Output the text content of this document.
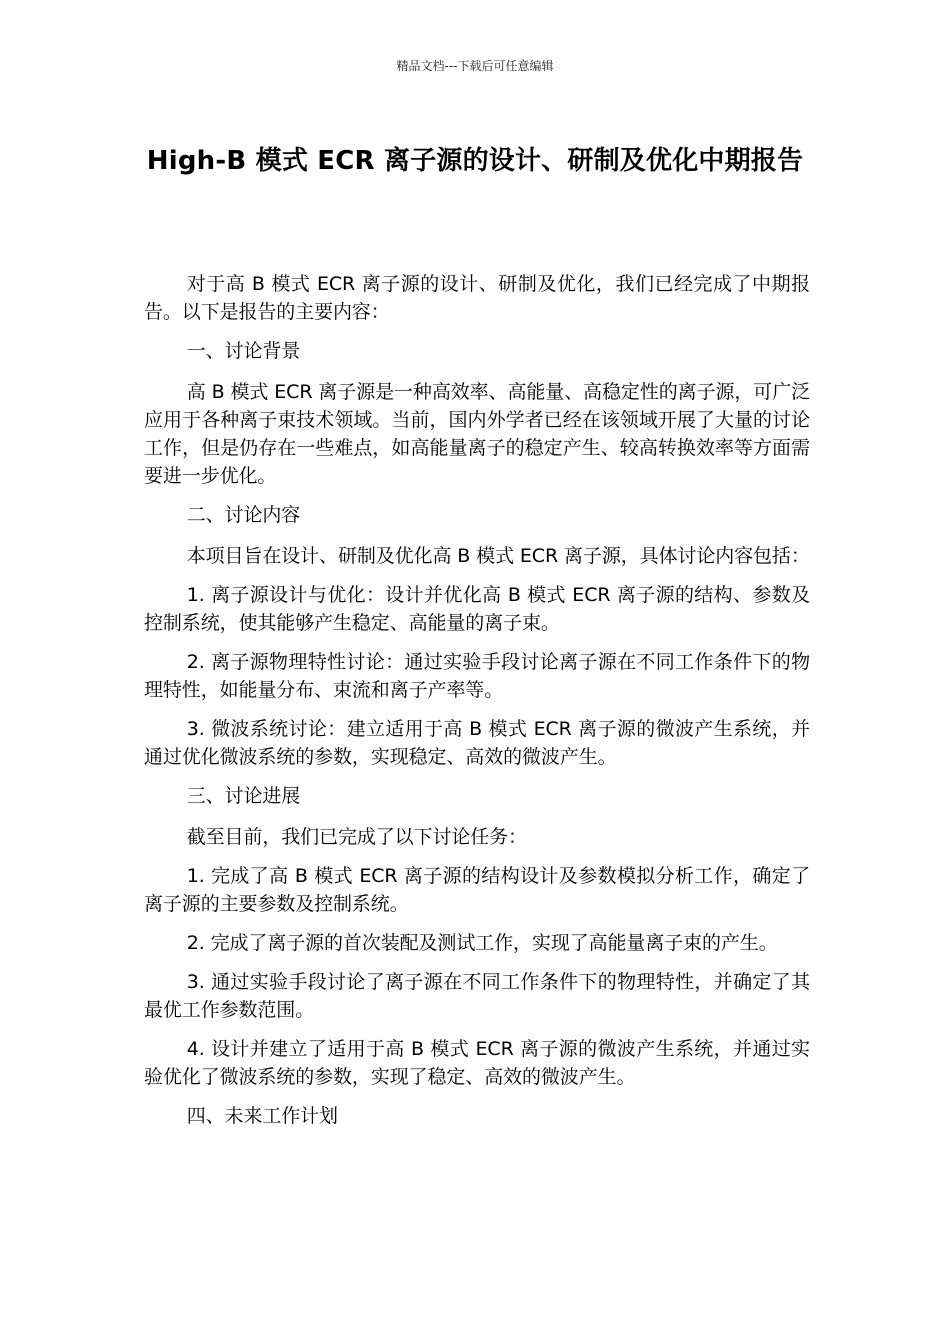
精品文档---下载后可任意编辑
High-B 模式 ECR 离子源的设计、研制及优化中期报告

对于高 B 模式 ECR 离子源的设计、研制及优化，我们已经完成了中期报告。以下是报告的主要内容：

一、讨论背景

高 B 模式 ECR 离子源是一种高效率、高能量、高稳定性的离子源，可广泛应用于各种离子束技术领域。当前，国内外学者已经在该领域开展了大量的讨论工作，但是仍存在一些难点，如高能量离子的稳定产生、较高转换效率等方面需要进一步优化。

二、讨论内容

本项目旨在设计、研制及优化高 B 模式 ECR 离子源，具体讨论内容包括：

1. 离子源设计与优化：设计并优化高 B 模式 ECR 离子源的结构、参数及控制系统，使其能够产生稳定、高能量的离子束。

2. 离子源物理特性讨论：通过实验手段讨论离子源在不同工作条件下的物理特性，如能量分布、束流和离子产率等。

3. 微波系统讨论：建立适用于高 B 模式 ECR 离子源的微波产生系统，并通过优化微波系统的参数，实现稳定、高效的微波产生。

三、讨论进展

截至目前，我们已完成了以下讨论任务：

1. 完成了高 B 模式 ECR 离子源的结构设计及参数模拟分析工作，确定了离子源的主要参数及控制系统。

2. 完成了离子源的首次装配及测试工作，实现了高能量离子束的产生。

3. 通过实验手段讨论了离子源在不同工作条件下的物理特性，并确定了其最优工作参数范围。

4. 设计并建立了适用于高 B 模式 ECR 离子源的微波产生系统，并通过实验优化了微波系统的参数，实现了稳定、高效的微波产生。

四、未来工作计划
